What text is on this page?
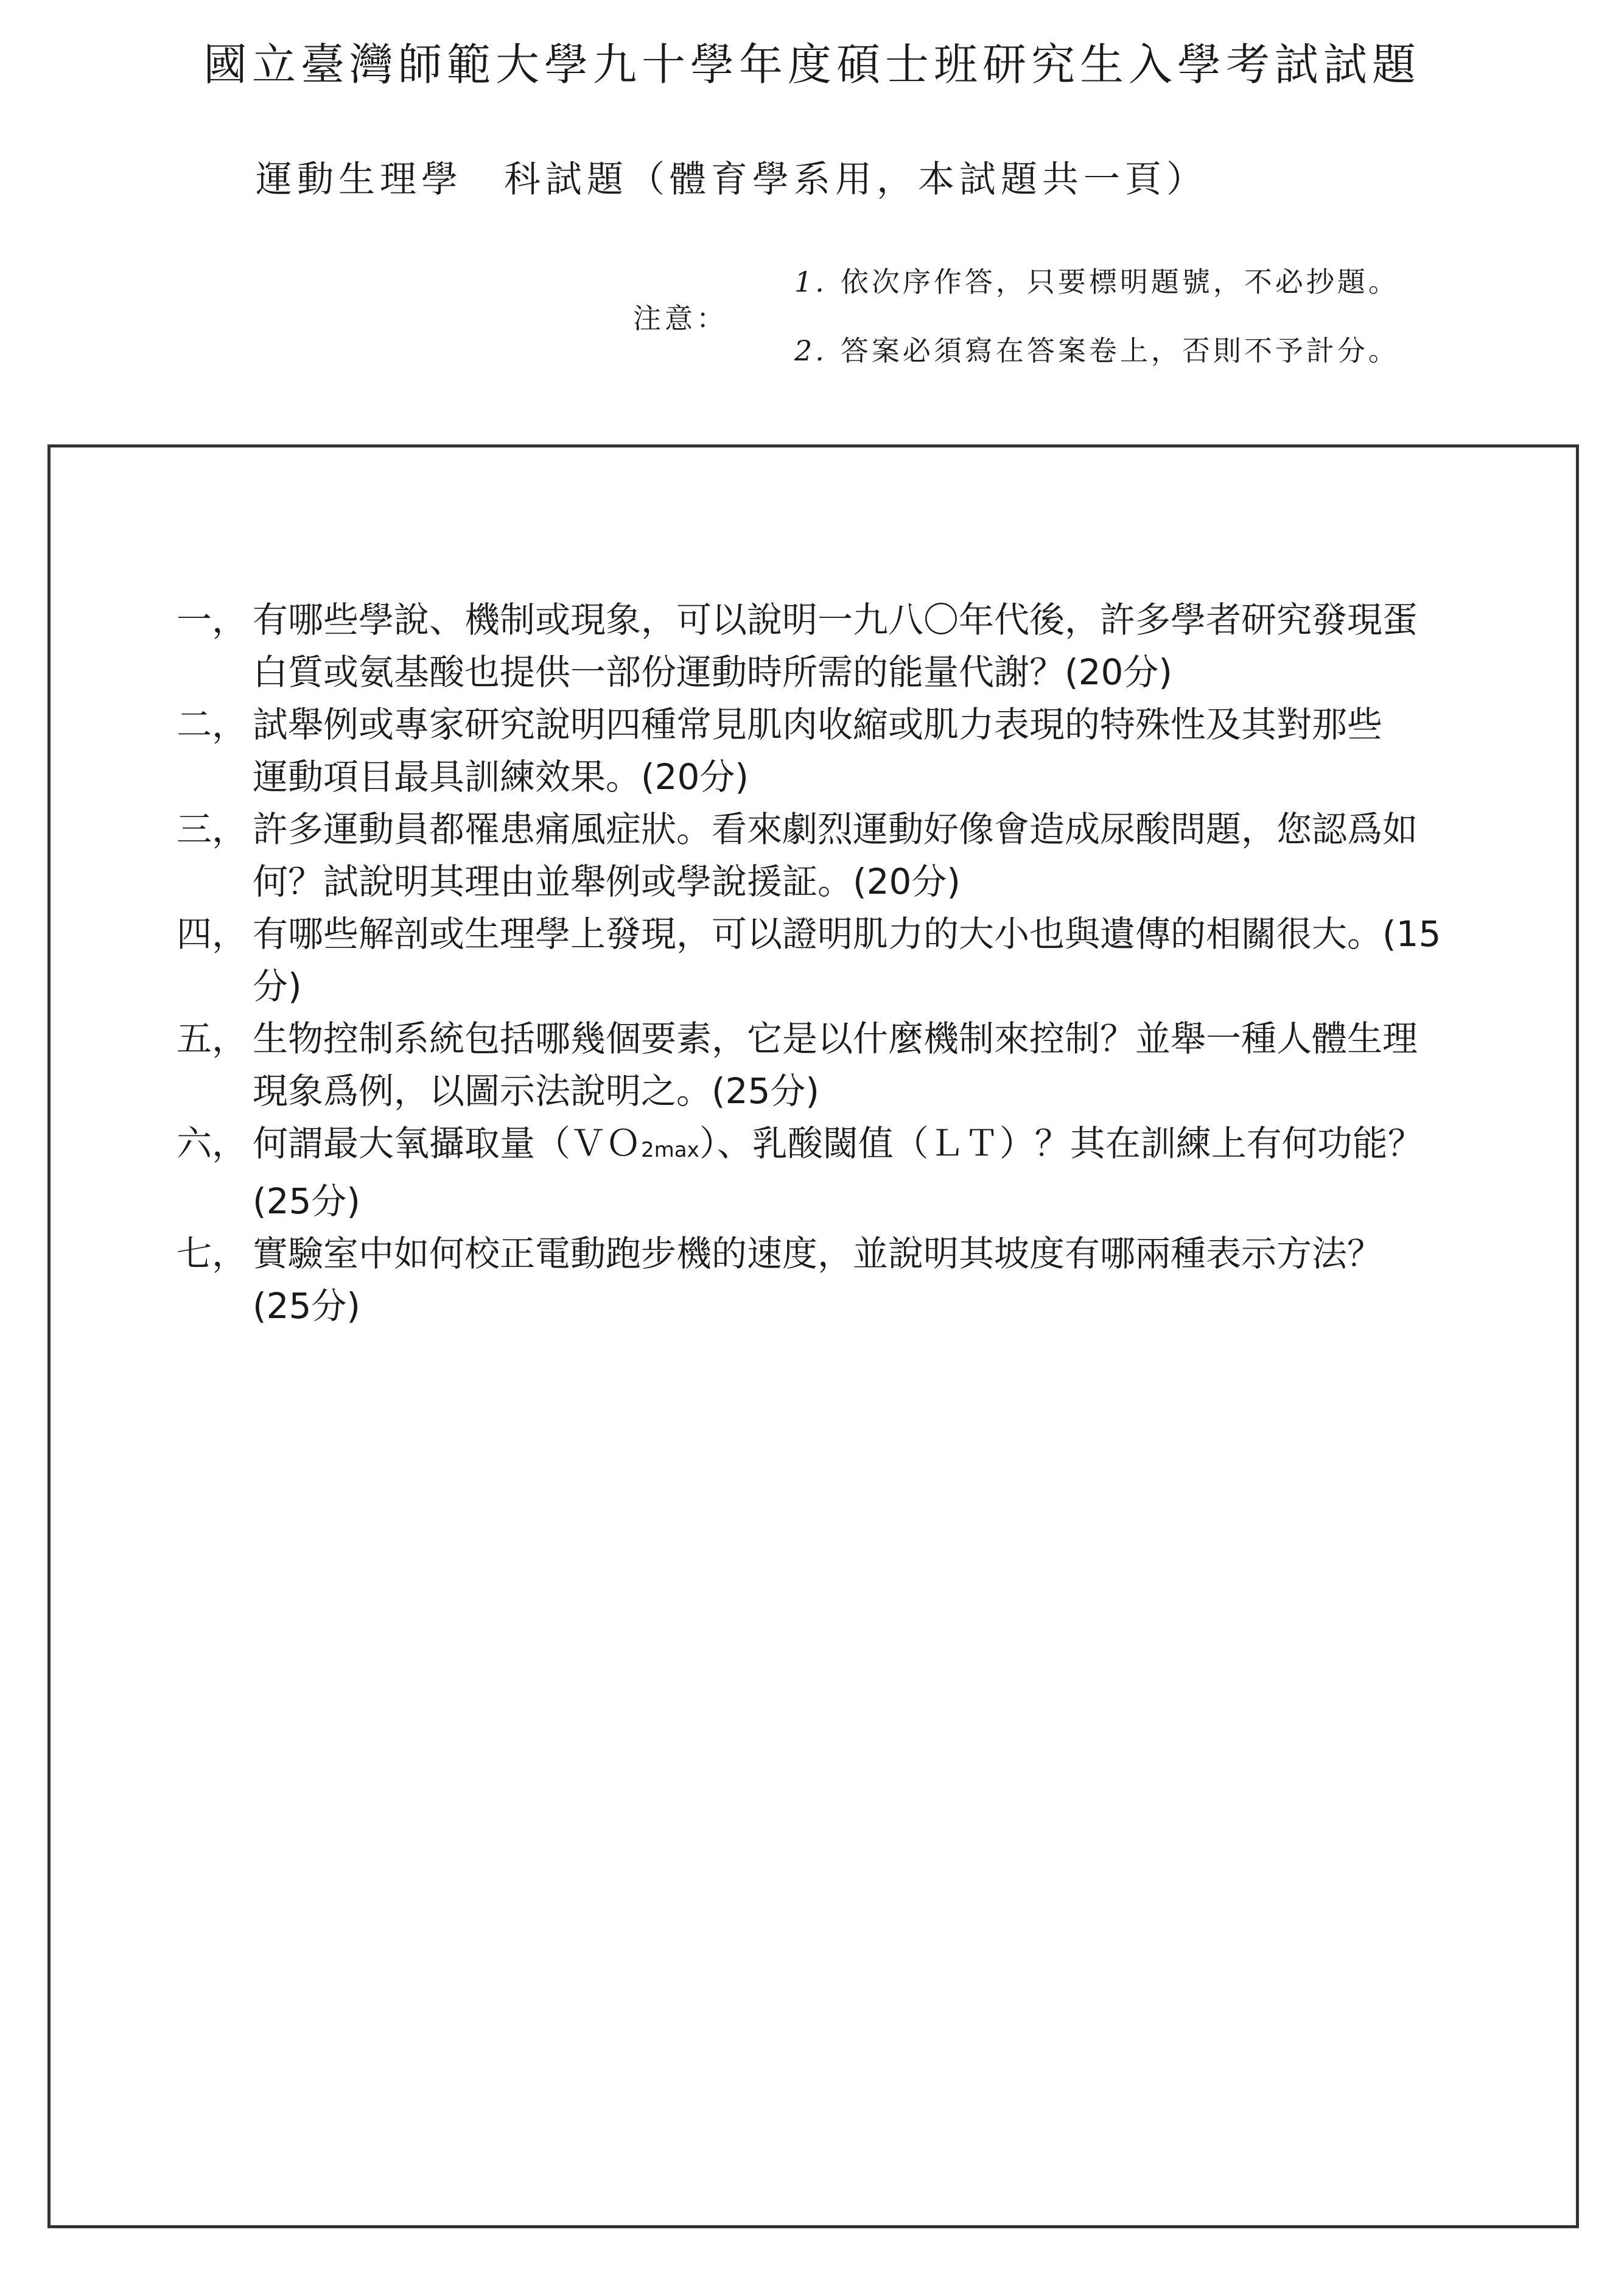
國立臺灣師範大學九十學年度碩士班研究生入學考試試題
運動生理學　科試題（體育學系用，本試題共一頁）
注意：
1. 依次序作答，只要標明題號，不必抄題。
2. 答案必須寫在答案卷上，否則不予計分。
一， 有哪些學說、機制或現象，可以說明一九八〇年代後，許多學者研究發現蛋
白質或氨基酸也提供一部份運動時所需的能量代謝？(20分)
二， 試舉例或專家研究說明四種常見肌肉收縮或肌力表現的特殊性及其對那些
運動項目最具訓練效果。(20分)
三， 許多運動員都罹患痛風症狀。看來劇烈運動好像會造成尿酸問題，您認爲如
何？試說明其理由並舉例或學說援証。(20分)
四， 有哪些解剖或生理學上發現，可以證明肌力的大小也與遺傳的相關很大。(15
分)
五， 生物控制系統包括哪幾個要素，它是以什麼機制來控制？並舉一種人體生理
現象爲例，以圖示法說明之。(25分)
六， 何謂最大氧攝取量（ＶＯ$_{2max}$）、乳酸閾值（ＬＴ）？其在訓練上有何功能？
(25分)
七， 實驗室中如何校正電動跑步機的速度，並說明其坡度有哪兩種表示方法？
(25分)
